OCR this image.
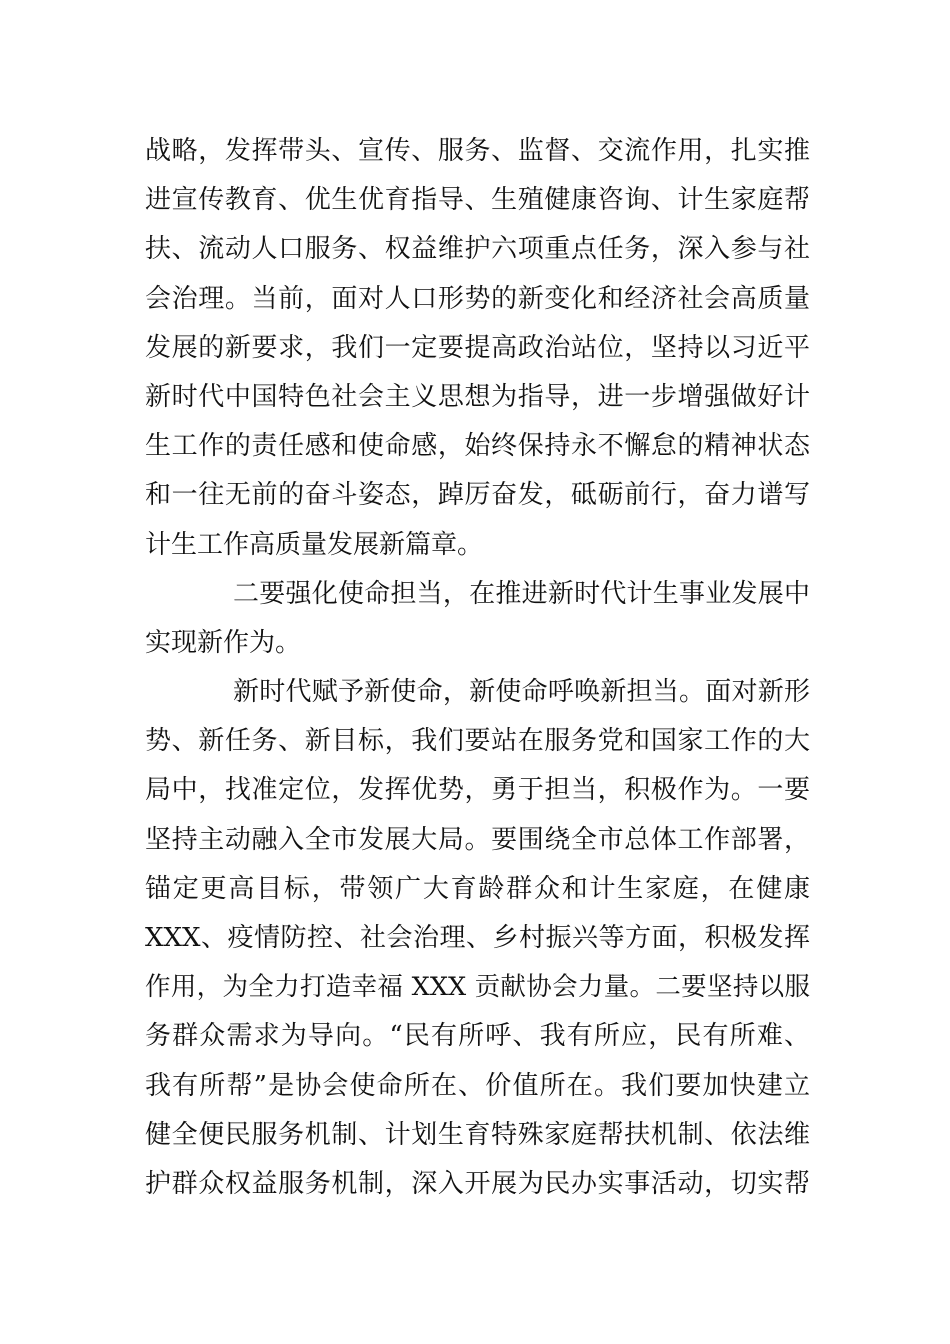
战略，发挥带头、宣传、服务、监督、交流作用，扎实推
进宣传教育、优生优育指导、生殖健康咨询、计生家庭帮
扶、流动人口服务、权益维护六项重点任务，深入参与社
会治理。当前，面对人口形势的新变化和经济社会高质量
发展的新要求，我们一定要提高政治站位，坚持以习近平
新时代中国特色社会主义思想为指导，进一步增强做好计
生工作的责任感和使命感，始终保持永不懈怠的精神状态
和一往无前的奋斗姿态，踔厉奋发，砥砺前行，奋力谱写
计生工作高质量发展新篇章。
二要强化使命担当，在推进新时代计生事业发展中
实现新作为。
新时代赋予新使命，新使命呼唤新担当。面对新形
势、新任务、新目标，我们要站在服务党和国家工作的大
局中，找准定位，发挥优势，勇于担当，积极作为。一要
坚持主动融入全市发展大局。要围绕全市总体工作部署，
锚定更高目标，带领广大育龄群众和计生家庭，在健康
XXX、疫情防控、社会治理、乡村振兴等方面，积极发挥
作用，为全力打造幸福 XXX 贡献协会力量。二要坚持以服
务群众需求为导向。“民有所呼、我有所应，民有所难、
我有所帮”是协会使命所在、价值所在。我们要加快建立
健全便民服务机制、计划生育特殊家庭帮扶机制、依法维
护群众权益服务机制，深入开展为民办实事活动，切实帮
